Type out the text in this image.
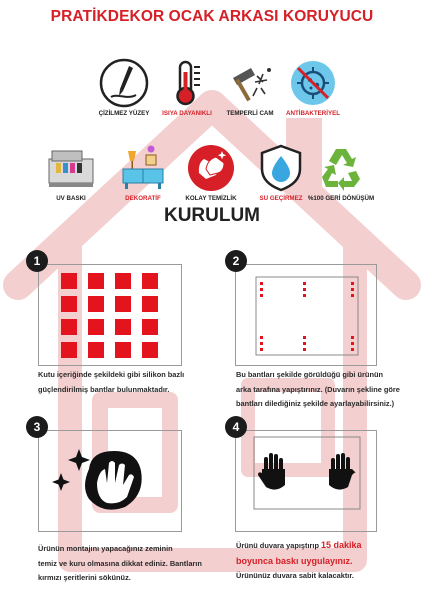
PRATİKDEKOR OCAK ARKASI KORUYUCU
ÇİZİLMEZ YÜZEY	ISIYA DAYANIKLI	TEMPERLİ CAM	ANTİBAKTERİYEL
UV BASKI	DEKORATİF	KOLAY TEMİZLİK	SU GEÇİRMEZ %100 GERİ DÖNÜŞÜM
KURULUM
1
Kutu içeriğinde şekildeki gibi silikon bazlı
güçlendirilmiş bantlar bulunmaktadır.
2
Bu bantları şekilde görüldüğü gibi ürünün
arka tarafına yapıştırınız. (Duvarın şekline göre
bantları dilediğiniz şekilde ayarlayabilirsiniz.)
3
Ürünün montajını yapacağınız zeminin
temiz ve kuru olmasına dikkat ediniz. Bantların
kırmızı şeritlerini sökünüz.
4
Ürünü duvara yapıştırıp 15 dakika
boyunca baskı uygulayınız.
Ürününüz duvara sabit kalacaktır.
